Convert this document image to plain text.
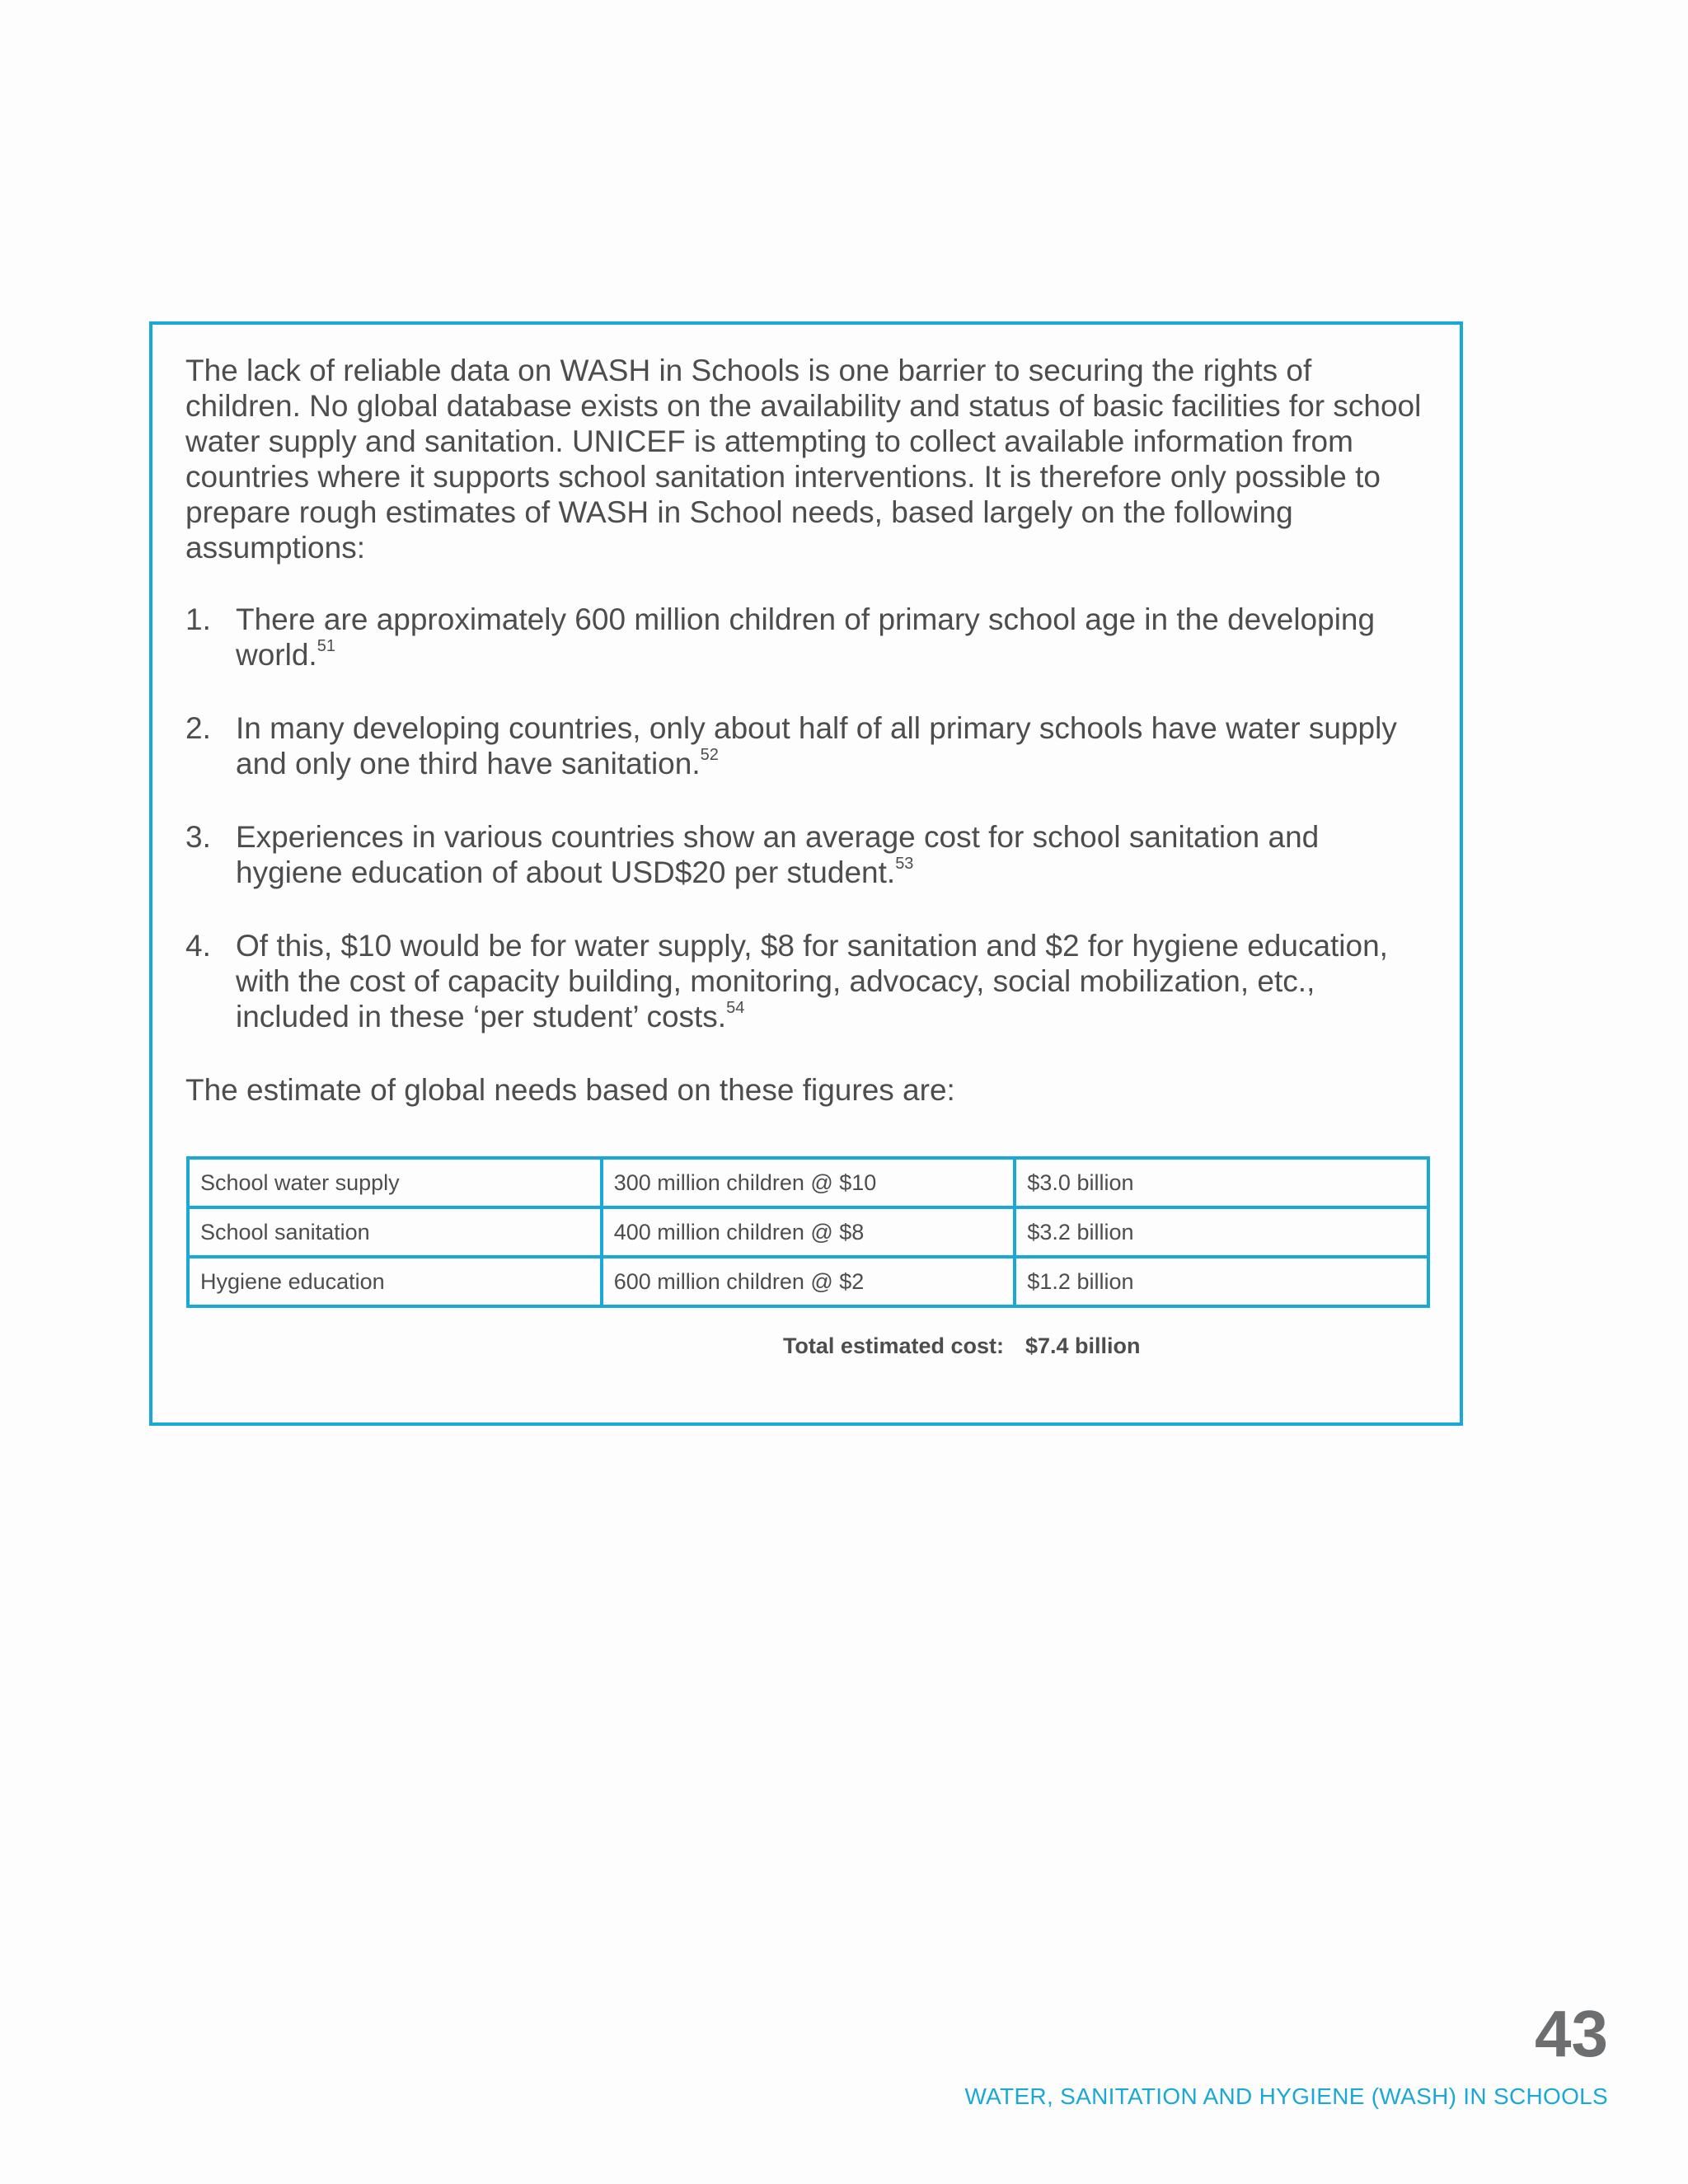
The lack of reliable data on WASH in Schools is one barrier to securing the rights of children. No global database exists on the availability and status of basic facilities for school water supply and sanitation. UNICEF is attempting to collect available information from countries where it supports school sanitation interventions. It is therefore only possible to prepare rough estimates of WASH in School needs, based largely on the following assumptions:

1. There are approximately 600 million children of primary school age in the developing world.$^{51}$
2. In many developing countries, only about half of all primary schools have water supply and only one third have sanitation.$^{52}$
3. Experiences in various countries show an average cost for school sanitation and hygiene education of about USD$20 per student.$^{53}$
4. Of this, $10 would be for water supply, $8 for sanitation and $2 for hygiene education, with the cost of capacity building, monitoring, advocacy, social mobilization, etc., included in these ‘per student’ costs.$^{54}$

The estimate of global needs based on these figures are:

School water supply	300 million children @ $10	$3.0 billion
School sanitation	400 million children @ $8	$3.2 billion
Hygiene education	600 million children @ $2	$1.2 billion
Total estimated cost: $7.4 billion
43
WATER, SANITATION AND HYGIENE (WASH) IN SCHOOLS
